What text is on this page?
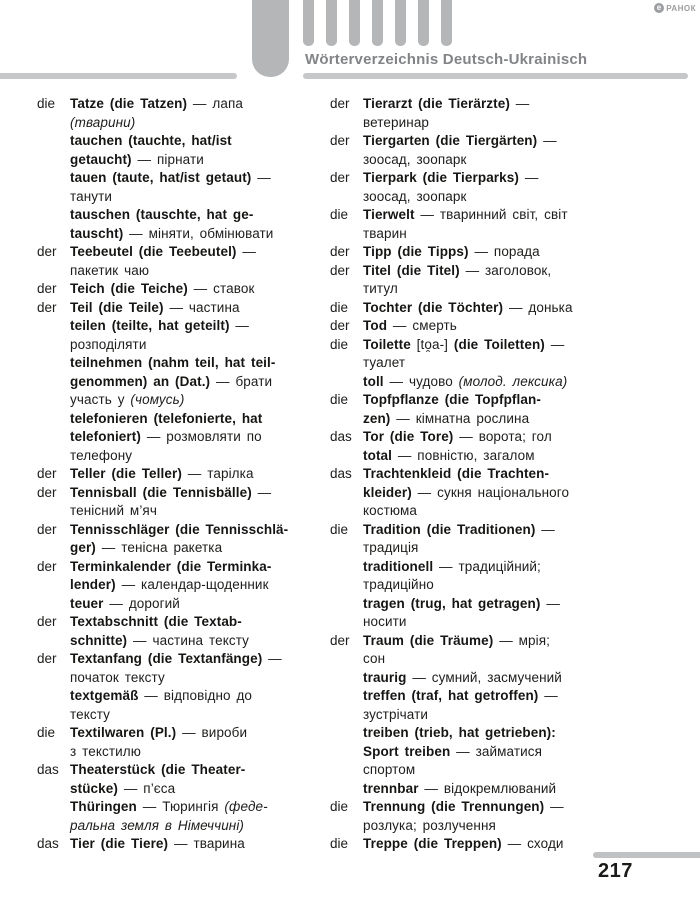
е РАНОК
Wörterverzeichnis Deutsch-Ukrainisch
die	Tatze (die Tatzen) — лапа
(тварини)
tauchen (tauchte, hat/ist
getaucht) — пірнати
tauen (taute, hat/ist getaut) —
танути
tauschen (tauschte, hat ge-
tauscht) — міняти, обмінювати
der Teebeutel (die Teebeutel) —
пакетик чаю
der Teich (die Teiche) — ставок
der Teil (die Teile) — частина
teilen (teilte, hat geteilt) —
розподіляти
teilnehmen (nahm teil, hat teil-
genommen) an (Dat.) — брати
участь у (чомусь)
telefonieren (telefonierte, hat
telefoniert) — розмовляти по
телефону
der Teller (die Teller) — тарілка
der Tennisball (die Tennisbälle) —
тенісний м’яч
der Tennisschläger (die Tennisschlä-
ger) — тенісна ракетка
der Terminkalender (die Terminka-
lender) — календар-щоденник
teuer — дорогий
der Textabschnitt (die Textab-
schnitte) — частина тексту
der Textanfang (die Textanfänge) —
початок тексту
textgemäß — відповідно до
тексту
die	Textilwaren (Pl.) — вироби
з текстилю
das Theaterstück (die Theater-
stücke) — п’єса
Thüringen — Тюрингія (феде-
ральна земля в Німеччині)
das Tier (die Tiere) — тварина
der Tierarzt (die Tierärzte) —
ветеринар
der Tiergarten (die Tiergärten) —
зоосад, зоопарк
der Tierpark (die Tierparks) —
зоосад, зоопарк
die	Tierwelt — тваринний світ, світ
тварин
der Tipp (die Tipps) — порада
der Titel (die Titel) — заголовок,
титул
die	Tochter (die Töchter) — донька
der Tod — смерть
die	Toilette [to̯a-] (die Toiletten) —
туалет
toll — чудово (молод. лексика)
die	Topfpflanze (die Topfpflan-
zen) — кімнатна рослина
das Tor (die Tore) — ворота; гол
total — повністю, загалом
das Trachtenkleid (die Trachten-
kleider) — сукня національного
костюма
die	Tradition (die Traditionen) —
традиція
traditionell — традиційний;
традиційно
tragen (trug, hat getragen) —
носити
der Traum (die Träume) — мрія;
сон
traurig — сумний, засмучений
treffen (traf, hat getroffen) —
зустрічати
treiben (trieb, hat getrieben):
Sport treiben — займатися
спортом
trennbar — відокремлюваний
die	Trennung (die Trennungen) —
розлука; розлучення
die	Treppe (die Treppen) — сходи
217
